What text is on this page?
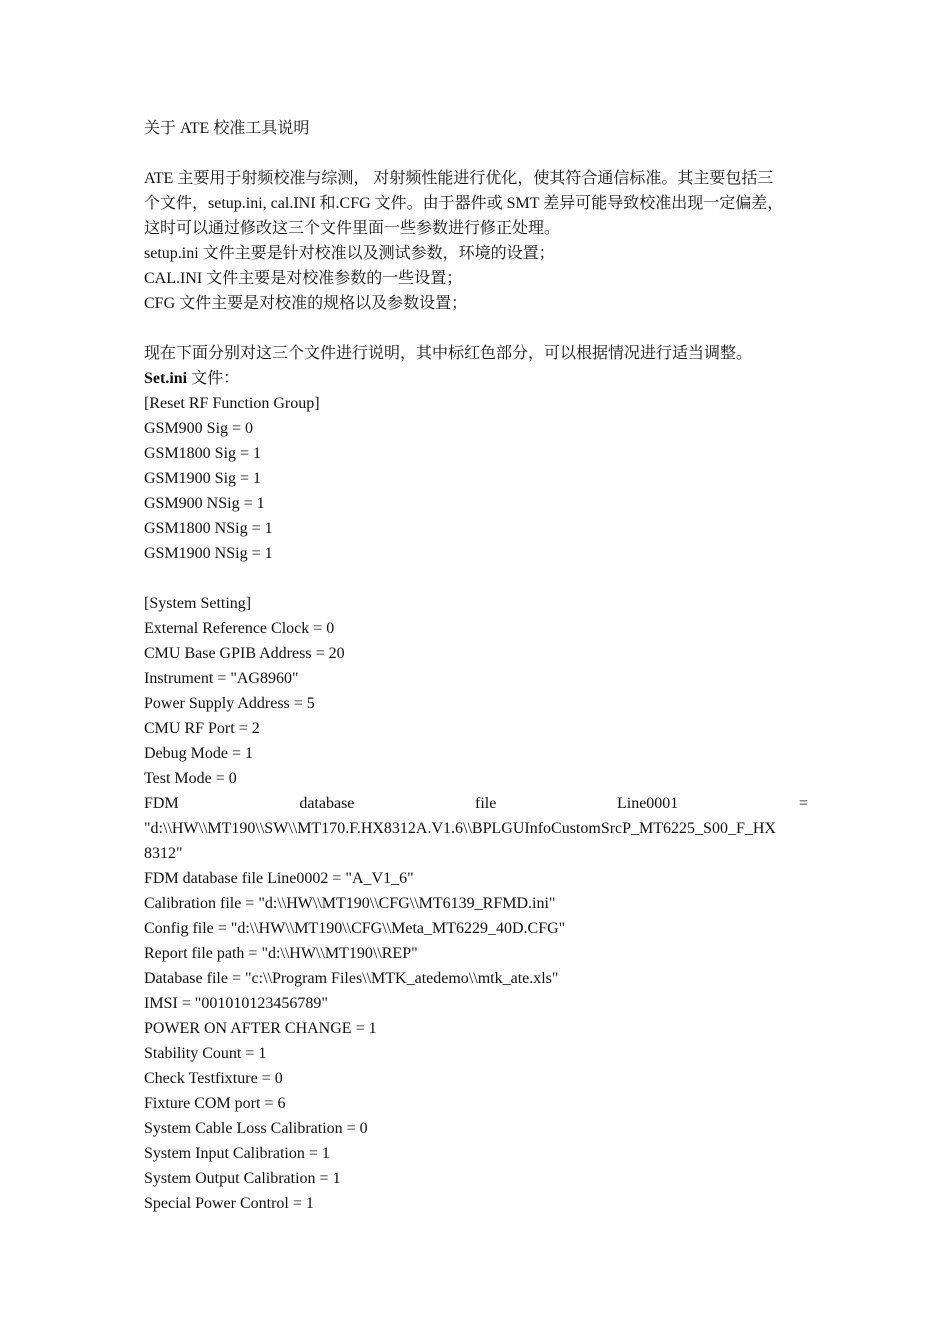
关于 ATE 校准工具说明
ATE 主要用于射频校准与综测， 对射频性能进行优化，使其符合通信标准。其主要包括三
个文件，setup.ini, cal.INI 和.CFG 文件。由于器件或 SMT 差异可能导致校准出现一定偏差，
这时可以通过修改这三个文件里面一些参数进行修正处理。
setup.ini 文件主要是针对校准以及测试参数，环境的设置；
CAL.INI 文件主要是对校准参数的一些设置；
CFG 文件主要是对校准的规格以及参数设置；
现在下面分别对这三个文件进行说明，其中标红色部分，可以根据情况进行适当调整。
Set.ini 文件：
[Reset RF Function Group]
GSM900 Sig = 0
GSM1800 Sig = 1
GSM1900 Sig = 1
GSM900 NSig = 1
GSM1800 NSig = 1
GSM1900 NSig = 1
[System Setting]
External Reference Clock = 0
CMU Base GPIB Address = 20
Instrument = "AG8960"
Power Supply Address = 5
CMU RF Port = 2
Debug Mode = 1
Test Mode = 0
FDM	database	file	Line0001	=
"d:\\HW\\MT190\\SW\\MT170.F.HX8312A.V1.6\\BPLGUInfoCustomSrcP_MT6225_S00_F_HX
8312"
FDM database file Line0002 = "A_V1_6"
Calibration file = "d:\\HW\\MT190\\CFG\\MT6139_RFMD.ini"
Config file = "d:\\HW\\MT190\\CFG\\Meta_MT6229_40D.CFG"
Report file path = "d:\\HW\\MT190\\REP"
Database file = "c:\\Program Files\\MTK_atedemo\\mtk_ate.xls"
IMSI = "001010123456789"
POWER ON AFTER CHANGE = 1
Stability Count = 1
Check Testfixture = 0
Fixture COM port = 6
System Cable Loss Calibration = 0
System Input Calibration = 1
System Output Calibration = 1
Special Power Control = 1
